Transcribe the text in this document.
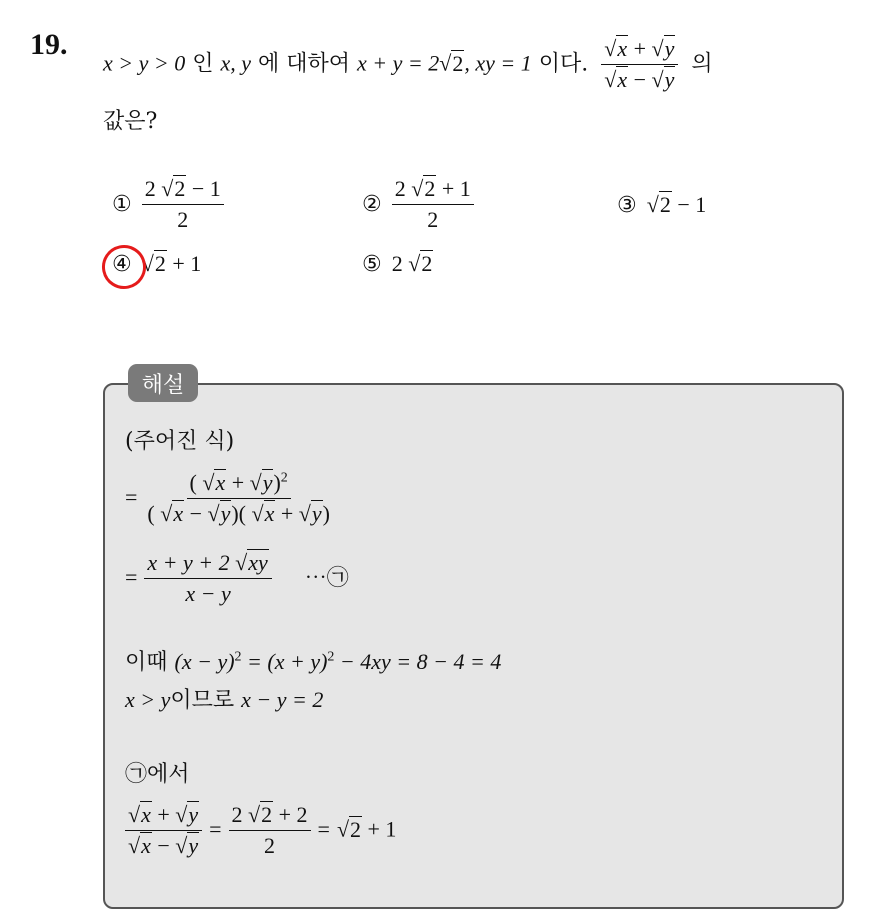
19.
x > y > 0 인 x, y 에 대하여 x + y = 2√2, xy = 1 이다. $\frac{√x + √y}{√x - √y}$ 의
값은?
① $\frac{2 √2 - 1}{2}$	② $\frac{2 √2 + 1}{2}$	③ √2 − 1
④ √2 + 1	⑤ 2 √2
해설
(주어진 식)
= $\frac{( √x + √y)^2}{( √x - √y)( √x + √y)}$
= $\frac{x + y + 2 √xy}{x - y}$ ⋯㉠
이때 $(x - y)^2 = (x + y)^2 - 4xy = 8 - 4 = 4$
x > y이므로 x − y = 2
㉠에서
$\frac{√x + √y}{√x - √y} = \frac{2 √2 + 2}{2} = √2 + 1$
